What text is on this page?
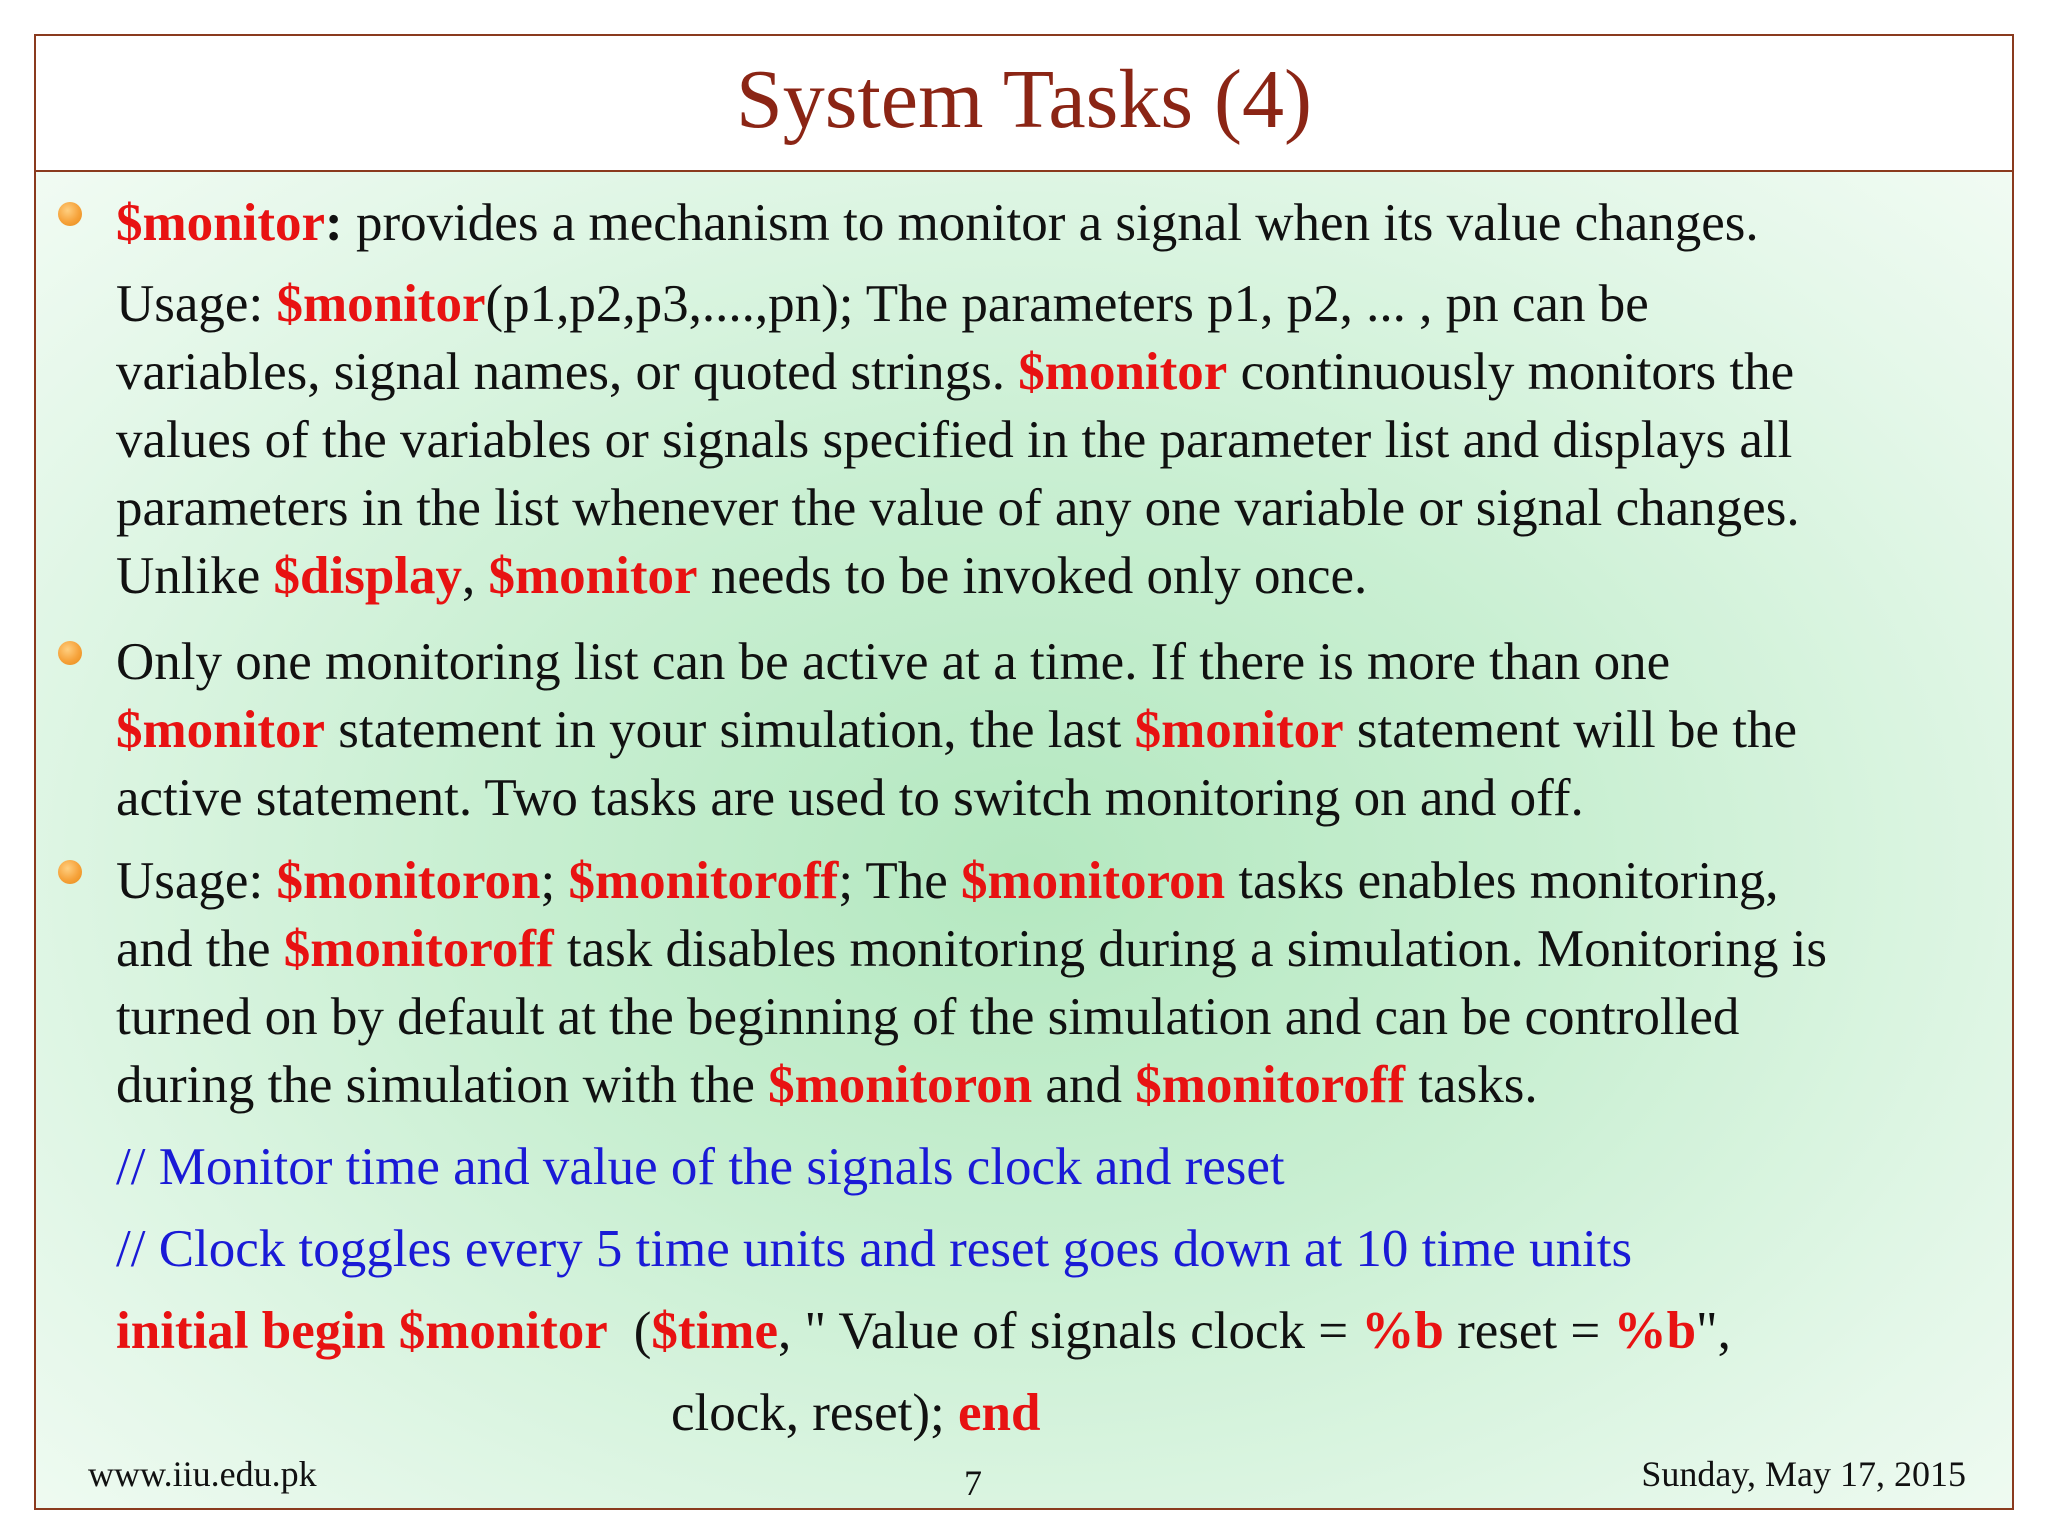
System Tasks (4)
$monitor: provides a mechanism to monitor a signal when its value changes.
Usage: $monitor(p1,p2,p3,....,pn); The parameters p1, p2, ... , pn can be
variables, signal names, or quoted strings. $monitor continuously monitors the
values of the variables or signals specified in the parameter list and displays all
parameters in the list whenever the value of any one variable or signal changes.
Unlike $display, $monitor needs to be invoked only once.
Only one monitoring list can be active at a time. If there is more than one
$monitor statement in your simulation, the last $monitor statement will be the
active statement. Two tasks are used to switch monitoring on and off.
Usage: $monitoron; $monitoroff; The $monitoron tasks enables monitoring,
and the $monitoroff task disables monitoring during a simulation. Monitoring is
turned on by default at the beginning of the simulation and can be controlled
during the simulation with the $monitoron and $monitoroff tasks.
// Monitor time and value of the signals clock and reset
// Clock toggles every 5 time units and reset goes down at 10 time units
initial begin $monitor ($time, " Value of signals clock = %b reset = %b",
clock, reset); end
www.iiu.edu.pk	7	Sunday, May 17, 2015
